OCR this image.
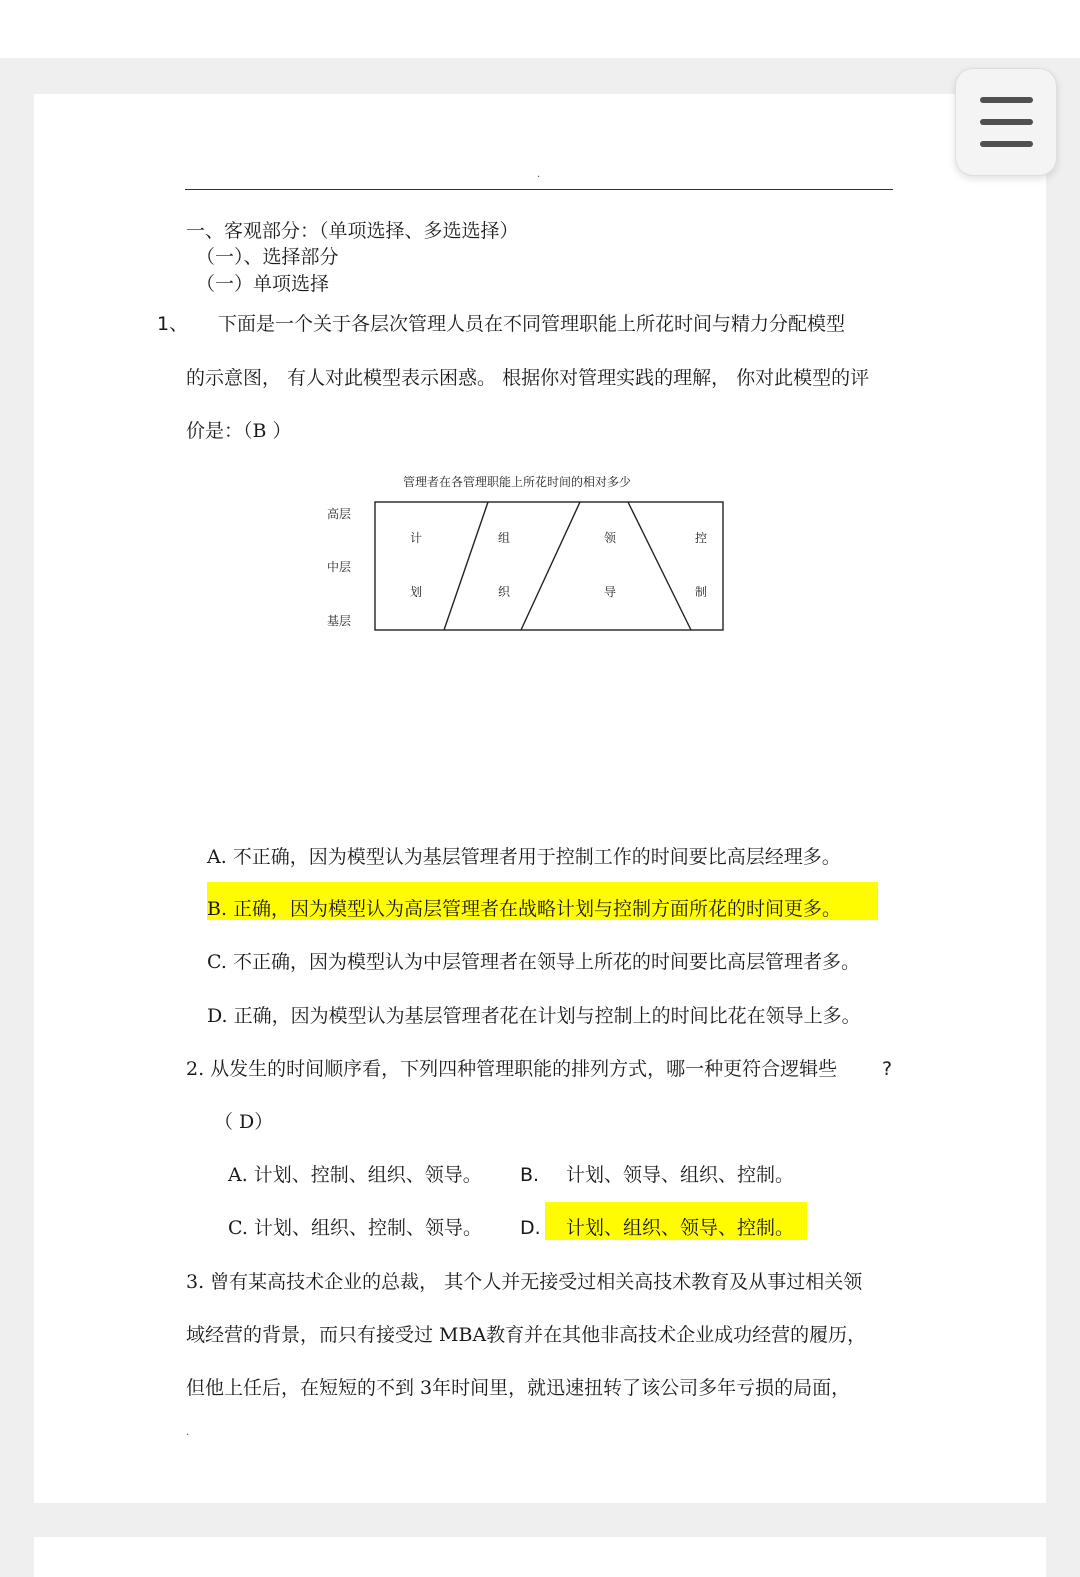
·
一、客观部分：（单项选择、多选选择）
（一）、选择部分
（一）单项选择
1、 下面是一个关于各层次管理人员在不同管理职能上所花时间与精力分配模型
的示意图， 有人对此模型表示困惑。 根据你对管理实践的理解， 你对此模型的评
价是：（B ）
管理者在各管理职能上所花时间的相对多少
高层
中层
基层
计
划
组
织
领
导
控
制
A. 不正确，因为模型认为基层管理者用于控制工作的时间要比高层经理多。
B. 正确，因为模型认为高层管理者在战略计划与控制方面所花的时间更多。
C. 不正确，因为模型认为中层管理者在领导上所花的时间要比高层管理者多。
D. 正确，因为模型认为基层管理者花在计划与控制上的时间比花在领导上多。
2. 从发生的时间顺序看，下列四种管理职能的排列方式，哪一种更符合逻辑些 ?
（ D）
A. 计划、控制、组织、领导。 B. 计划、领导、组织、控制。
C. 计划、组织、控制、领导。 D. 计划、组织、领导、控制。
3. 曾有某高技术企业的总裁， 其个人并无接受过相关高技术教育及从事过相关领
域经营的背景，而只有接受过 MBA教育并在其他非高技术企业成功经营的履历，
但他上任后，在短短的不到 3年时间里，就迅速扭转了该公司多年亏损的局面，
·
